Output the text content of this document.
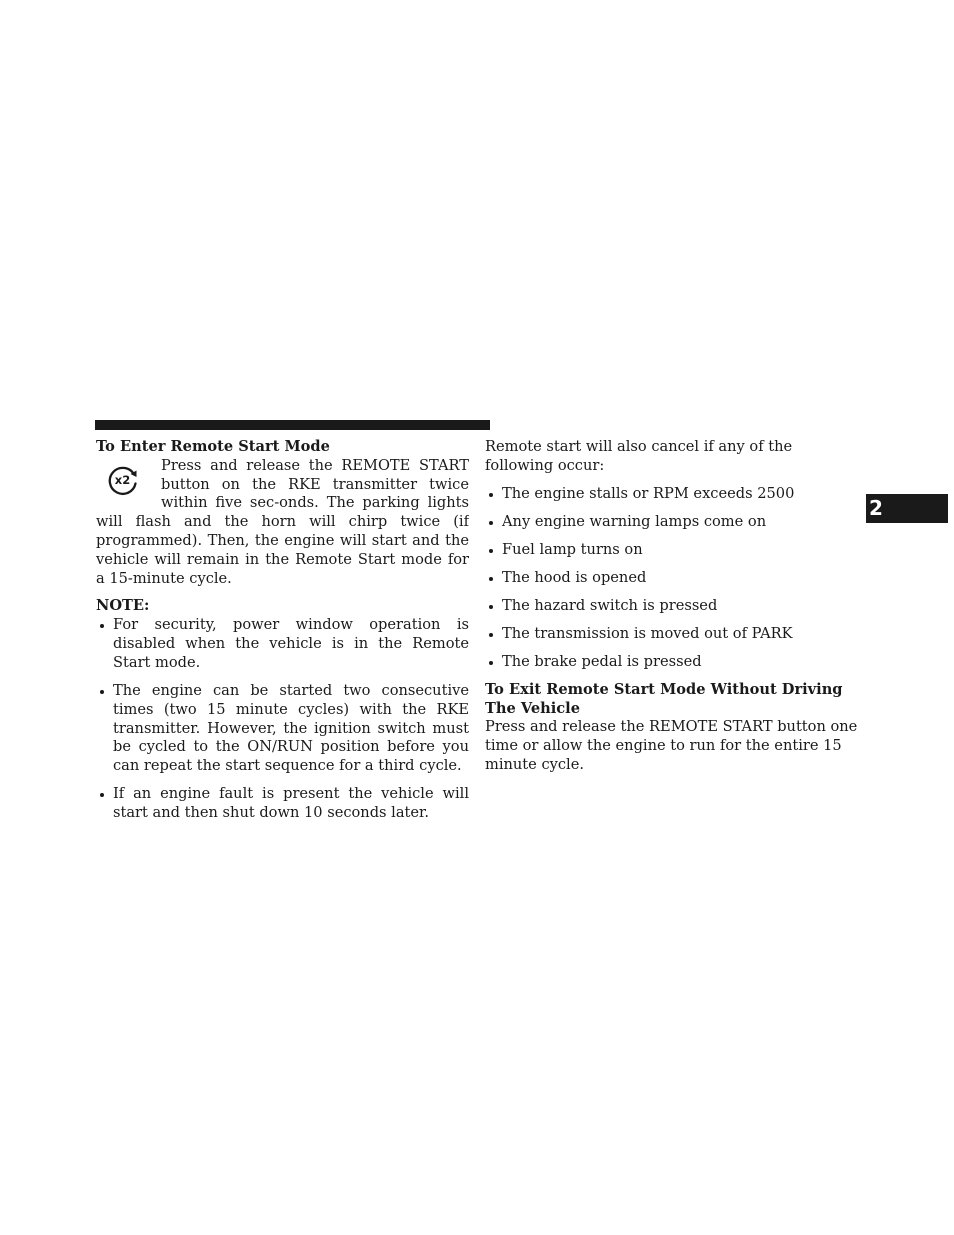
2
To Enter Remote Start Mode
x2

Press and release the REMOTE START button on the RKE transmitter twice within five sec-onds. The parking lights will flash and the horn will chirp twice (if programmed). Then, the engine will start and the vehicle will remain in the Remote Start mode for a 15-minute cycle.

NOTE:

For security, power window operation is disabled when the vehicle is in the Remote Start mode.
The engine can be started two consecutive times (two 15 minute cycles) with the RKE transmitter. However, the ignition switch must be cycled to the ON/RUN position before you can repeat the start sequence for a third cycle.
If an engine fault is present the vehicle will start and then shut down 10 seconds later.

Remote start will also cancel if any of the following occur:

The engine stalls or RPM exceeds 2500
Any engine warning lamps come on
Fuel lamp turns on
The hood is opened
The hazard switch is pressed
The transmission is moved out of PARK
The brake pedal is pressed
To Exit Remote Start Mode Without Driving The Vehicle

Press and release the REMOTE START button one time or allow the engine to run for the entire 15 minute cycle.
